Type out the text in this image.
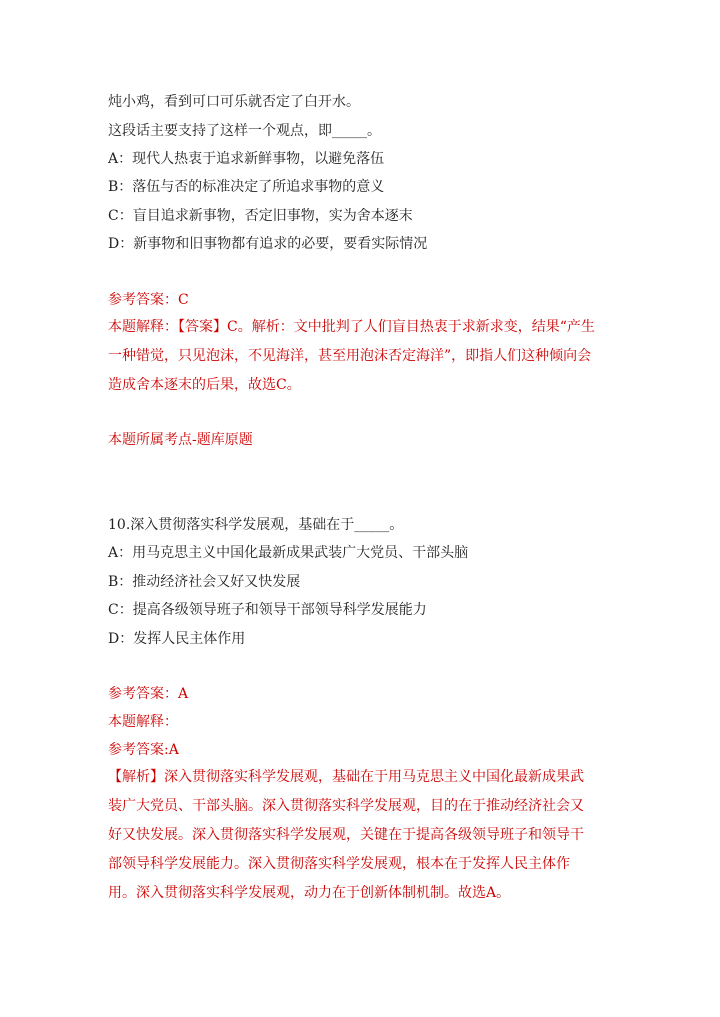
炖小鸡，看到可口可乐就否定了白开水。
这段话主要支持了这样一个观点，即_____。
A：现代人热衷于追求新鲜事物，以避免落伍
B：落伍与否的标准决定了所追求事物的意义
C：盲目追求新事物，否定旧事物，实为舍本逐末
D：新事物和旧事物都有追求的必要，要看实际情况
参考答案：C
本题解释：【答案】C。解析：文中批判了人们盲目热衷于求新求变，结果“产生
一种错觉，只见泡沫，不见海洋，甚至用泡沫否定海洋”，即指人们这种倾向会
造成舍本逐末的后果，故选C。
本题所属考点-题库原题
10.深入贯彻落实科学发展观，基础在于_____。
A：用马克思主义中国化最新成果武装广大党员、干部头脑
B：推动经济社会又好又快发展
C：提高各级领导班子和领导干部领导科学发展能力
D：发挥人民主体作用
参考答案：A
本题解释：
参考答案:A
【解析】深入贯彻落实科学发展观，基础在于用马克思主义中国化最新成果武
装广大党员、干部头脑。深入贯彻落实科学发展观，目的在于推动经济社会又
好又快发展。深入贯彻落实科学发展观，关键在于提高各级领导班子和领导干
部领导科学发展能力。深入贯彻落实科学发展观，根本在于发挥人民主体作
用。深入贯彻落实科学发展观，动力在于创新体制机制。故选A。
